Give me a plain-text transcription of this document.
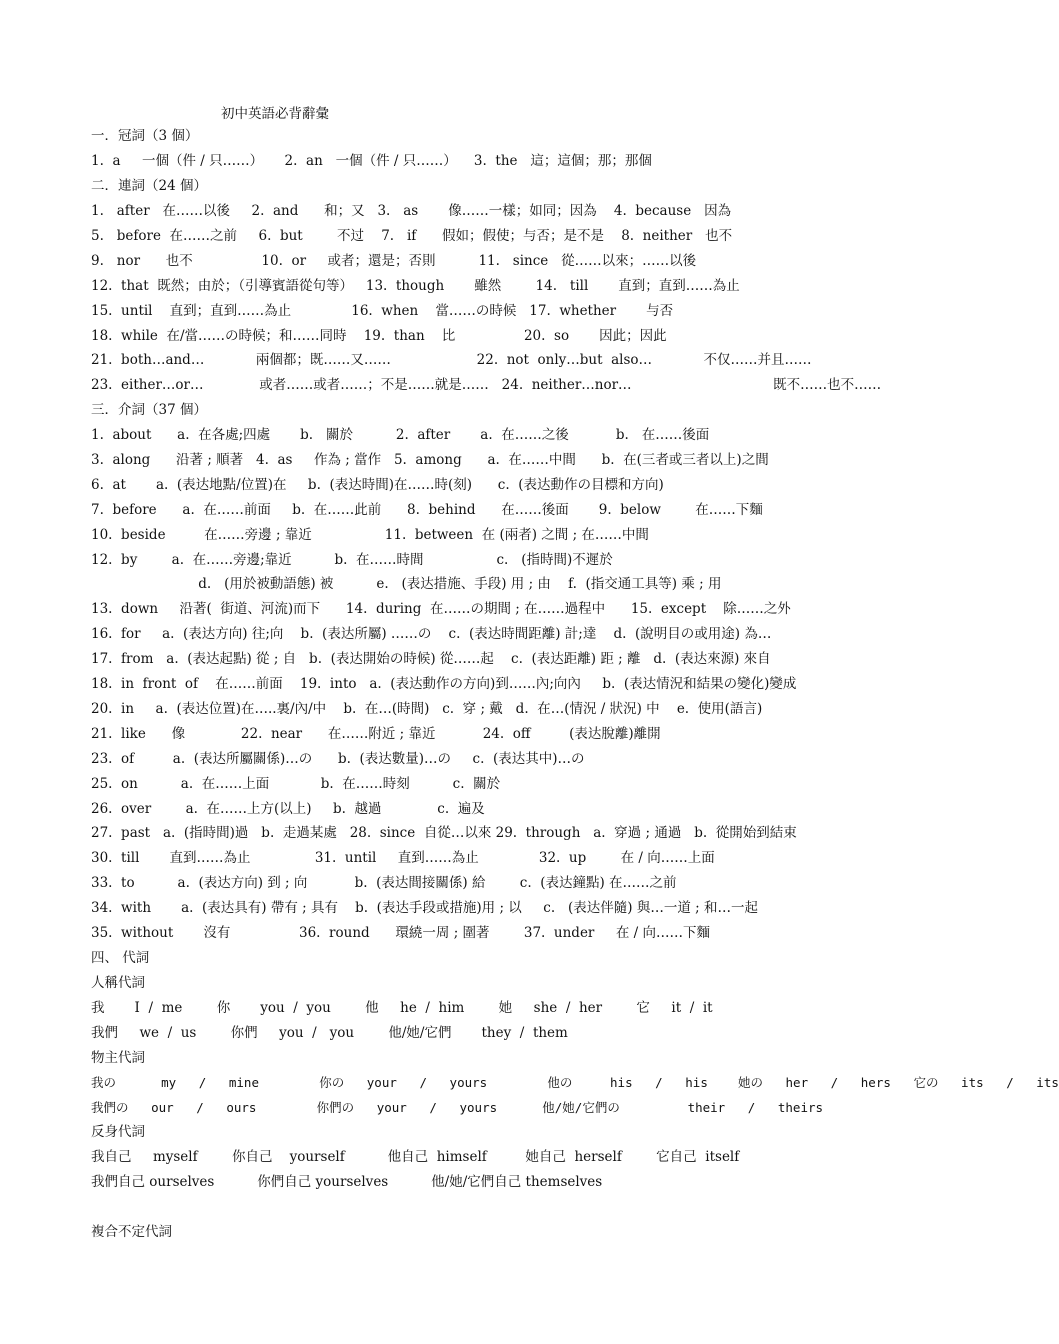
初中英語必背辭彙
一．冠詞（3 個）
1.  a     一個（件 / 只……）     2.  an   一個（件 / 只……）    3.  the   這；這個；那；那個
二．連詞（24 個）
1.   after   在……以後     2.  and      和；又   3.   as       像……一樣；如同；因為    4.  because   因為
5.   before  在……之前     6.  but        不过    7.   if      假如；假使；与否；是不是    8.  neither   也不
9.   nor      也不                10.  or     或者；還是；否則          11.   since   從……以來；……以後
12.  that  既然；由於；（引導賓語從句等）   13.  though       雖然        14.   till       直到；直到……為止
15.  until    直到；直到……為止              16.  when    當……の時候   17.  whether       与否
18.  while  在/當……の時候；和……同時    19.  than    比                20.  so       因此；因此
21.  both…and…            兩個都；既……又……                    22.  not  only…but  also…            不仅……并且……
23.  either…or…             或者……或者……；不是……就是……   24.  neither…nor…                                 既不……也不……
三．介詞（37 個）
1.  about      a.  在各處;四處       b.   關於          2.  after       a.  在……之後           b.   在……後面
3.  along      沿著 ; 順著   4.  as     作為 ; 當作   5.  among      a.  在……中間      b.  在(三者或三者以上)之間
6.  at       a.  (表达地點/位置)在     b.  (表达時間)在……時(刻)      c.  (表达動作の目標和方向)
7.  before      a.  在……前面     b.  在……此前      8.  behind      在……後面       9.  below        在……下麵
10.  beside         在……旁邊 ; 靠近                 11.  between  在 (兩者) 之間 ; 在……中間
12.  by        a.  在……旁邊;靠近          b.  在……時間                 c.   (指時間)不遲於
d.   (用於被動語態) 被          e.   (表达措施、手段) 用 ; 由    f.  (指交通工具等) 乘 ; 用
13.  down     沿著(  街道、河流)而下      14.  during  在……の期間 ; 在……過程中      15.  except    除……之外
16.  for     a.  (表达方向) 往;向    b.  (表达所屬) ……の    c.  (表达時間距離) 計;達    d.  (說明目の或用途) 為…
17.  from   a.  (表达起點) 從 ; 自   b.  (表达開始の時候) 從……起    c.  (表达距離) 距 ; 離   d.  (表达來源) 來自
18.  in  front  of    在……前面    19.  into   a.  (表达動作の方向)到……內;向內     b.  (表达情況和結果の變化)變成
20.  in     a.  (表达位置)在…..裏/內/中    b.  在…(時間)   c.  穿 ; 戴   d.  在…(情況 / 狀況) 中    e.  使用(語言)
21.  like      像             22.  near      在……附近 ; 靠近           24.  off         (表达脫離)離開
23.  of         a.  (表达所屬關係)…の      b.  (表达數量)…の     c.  (表达其中)…の
25.  on          a.  在……上面            b.  在……時刻          c.  關於
26.  over        a.  在……上方(以上)     b.  越過             c.  遍及
27.  past   a.  (指時間)過   b.  走過某處   28.  since  自從…以來 29.  through   a.  穿過 ; 通過   b.  從開始到結束
30.  till       直到……為止               31.  until     直到……為止              32.  up        在 / 向……上面
33.  to          a.  (表达方向) 到 ; 向           b.  (表达間接關係) 給        c.  (表达鐘點) 在……之前
34.  with       a.  (表达具有) 帶有 ; 具有    b.  (表达手段或措施)用 ; 以     c.   (表达伴隨) 與…一道 ; 和…一起
35.  without       沒有                36.  round      環繞一周 ; 圍著        37.  under     在 / 向……下麵
四、 代詞
人稱代詞
我       I  /  me        你       you  /  you        他     he  /  him        她     she  /  her        它     it  /  it
我們     we  /  us        你們     you  /   you        他/她/它們       they  /  them
物主代詞
我の      my   /   mine        你の   your   /   yours        他の     his   /   his    她の   her   /   hers   它の   its   /   its
我們の   our   /   ours        你們の   your   /   yours      他/她/它們の         their   /   theirs
反身代詞
我自己     myself        你自己    yourself          他自己  himself         她自己  herself        它自己  itself
我們自己 ourselves          你們自己 yourselves          他/她/它們自己 themselves
複合不定代詞
